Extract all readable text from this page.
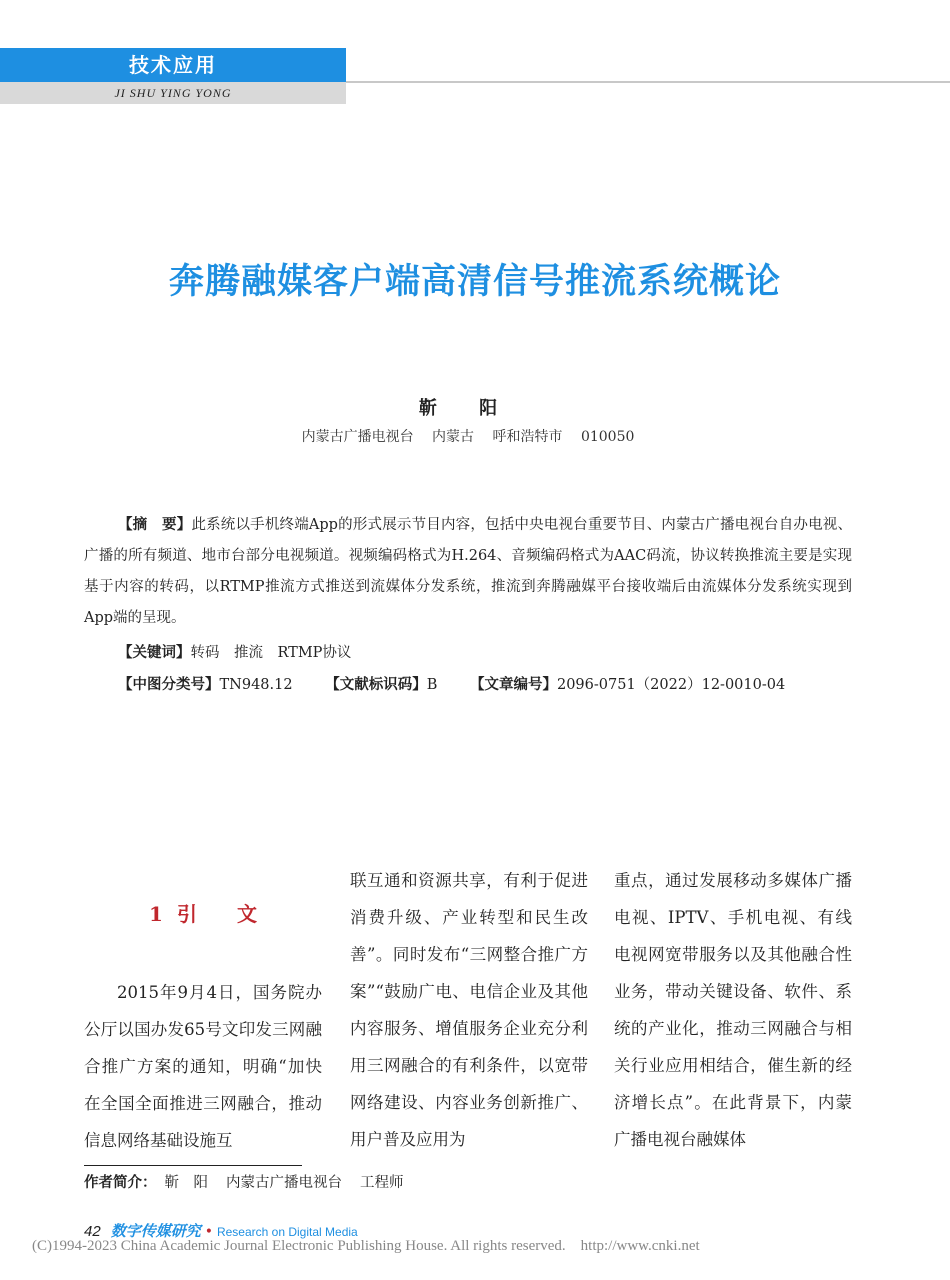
技术应用
JI SHU YING YONG
奔腾融媒客户端高清信号推流系统概论
靳 阳
内蒙古广播电视台 内蒙古 呼和浩特市 010050
【摘　要】此系统以手机终端App的形式展示节目内容，包括中央电视台重要节目、内蒙古广播电视台自办电视、广播的所有频道、地市台部分电视频道。视频编码格式为H.264、音频编码格式为AAC码流，协议转换推流主要是实现基于内容的转码，以RTMP推流方式推送到流媒体分发系统，推流到奔腾融媒平台接收端后由流媒体分发系统实现到App端的呈现。
【关键词】转码　推流　RTMP协议
【中图分类号】TN948.12 【文献标识码】B 【文章编号】2096-0751（2022）12-0010-04
1 引 文

2015年9月4日，国务院办公厅以国办发65号文印发三网融合推广方案的通知，明确“加快在全国全面推进三网融合，推动信息网络基础设施互

联互通和资源共享，有利于促进消费升级、产业转型和民生改善”。同时发布“三网整合推广方案”“鼓励广电、电信企业及其他内容服务、增值服务企业充分利用三网融合的有利条件，以宽带网络建设、内容业务创新推广、用户普及应用为

重点，通过发展移动多媒体广播电视、IPTV、手机电视、有线电视网宽带服务以及其他融合性业务，带动关键设备、软件、系统的产业化，推动三网融合与相关行业应用相结合，催生新的经济增长点”。在此背景下，内蒙广播电视台融媒体

作者简介： 靳　阳 内蒙古广播电视台 工程师
42 数字传媒研究 • Research on Digital Media
(C)1994-2023 China Academic Journal Electronic Publishing House. All rights reserved.　http://www.cnki.net
